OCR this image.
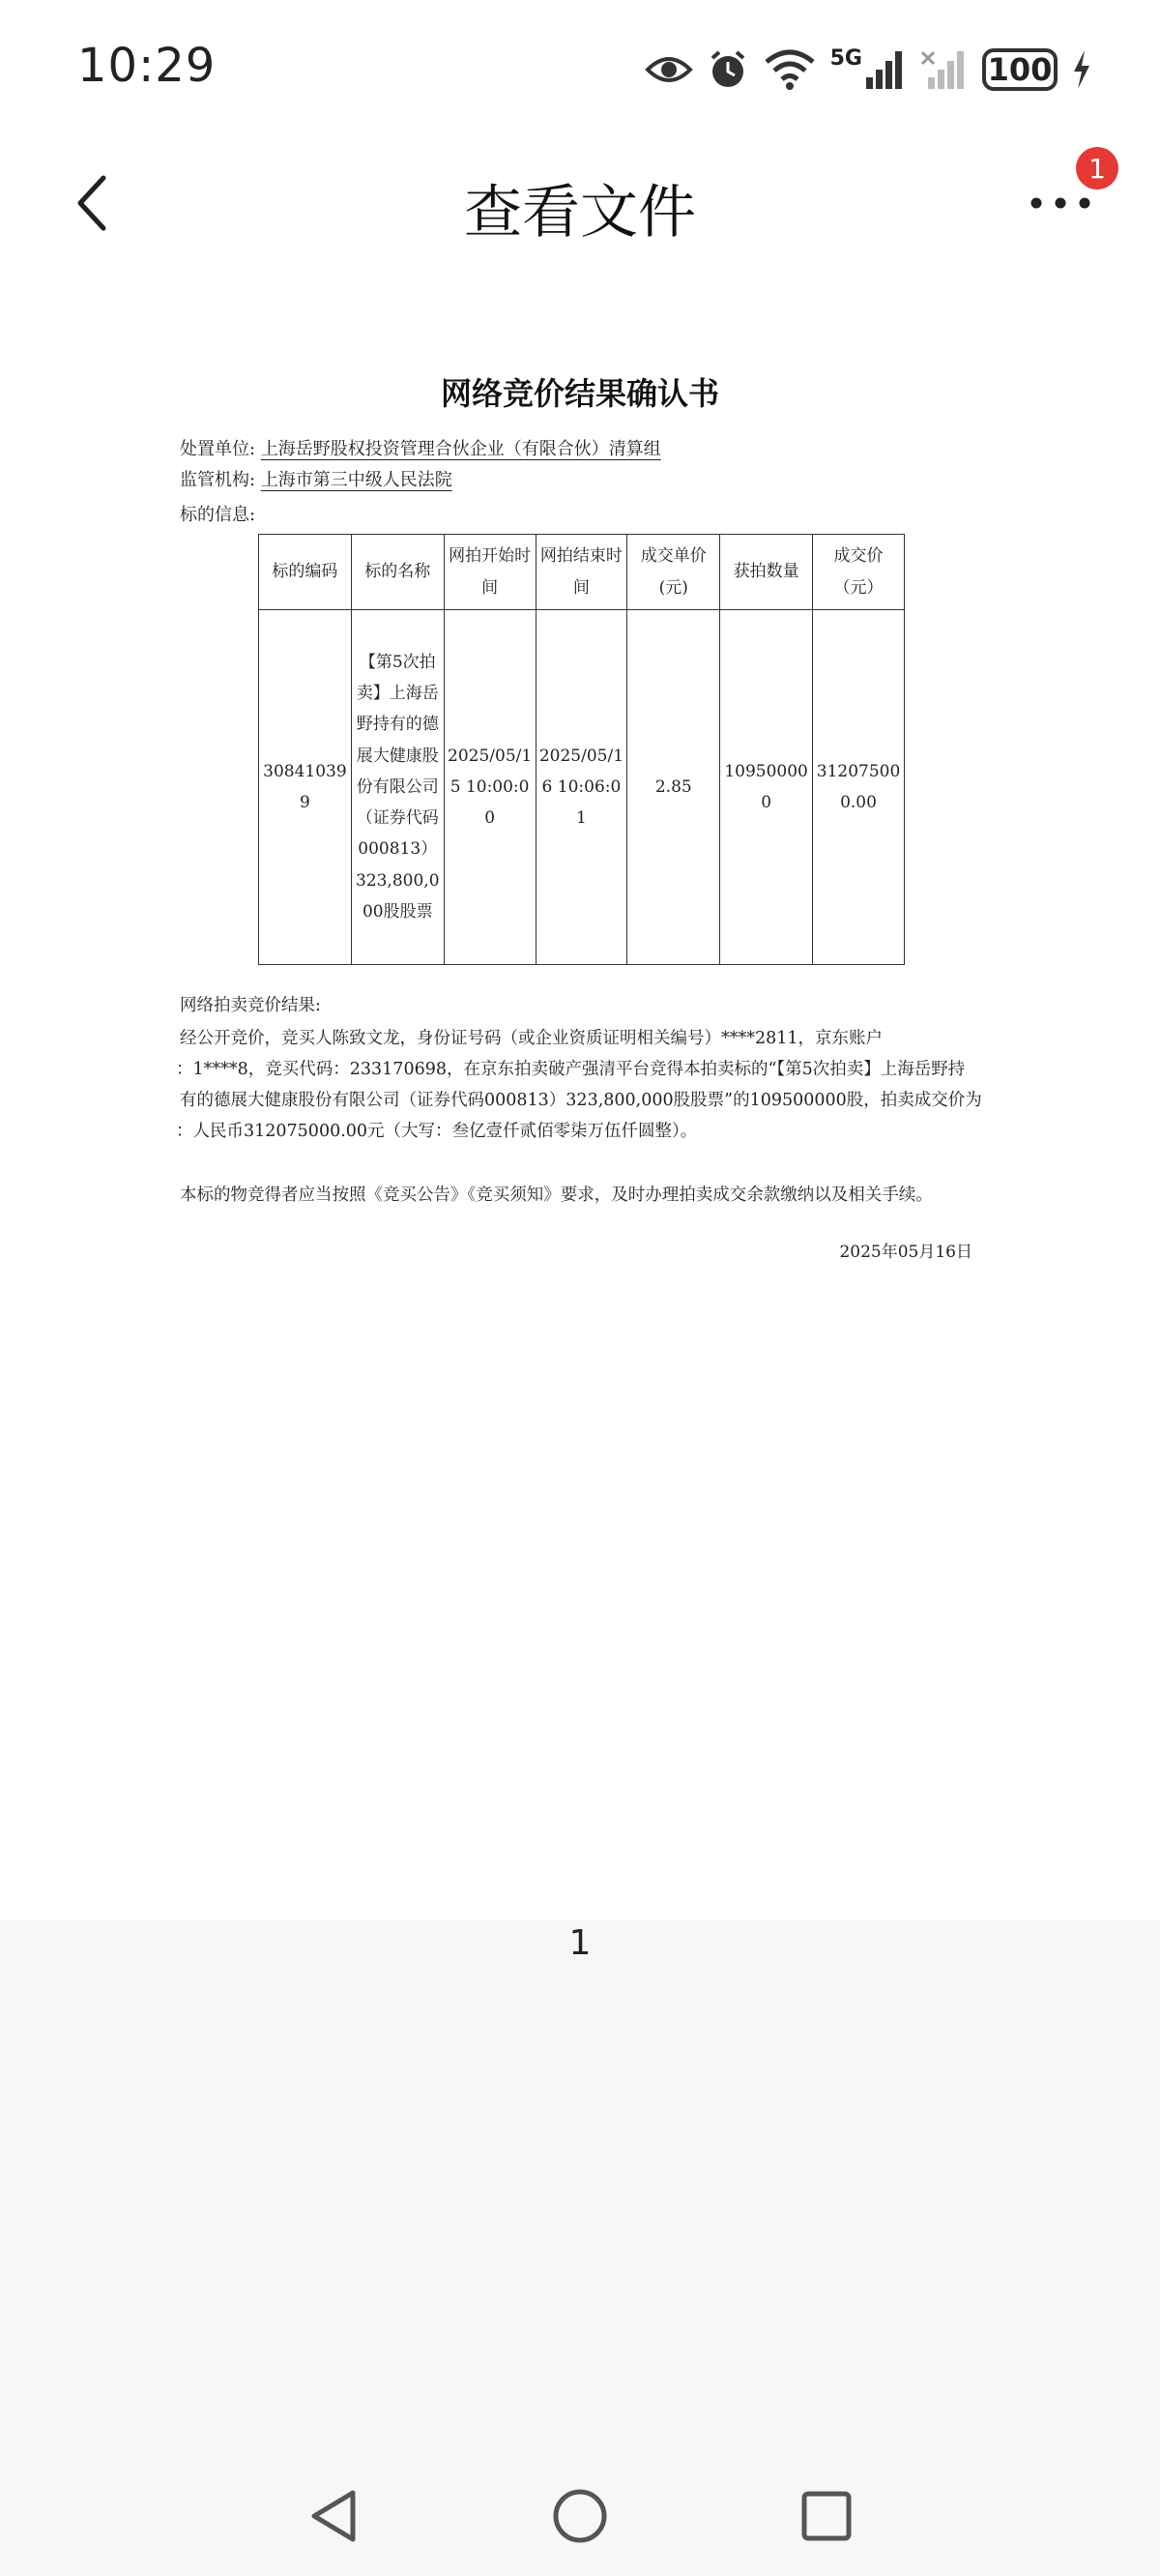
10:29	5G	100
查看文件
1
网络竞价结果确认书
处置单位: 上海岳野股权投资管理合伙企业（有限合伙）清算组
监管机构: 上海市第三中级人民法院
标的信息:
标的编码	标的名称	网拍开始时间	网拍结束时间	成交单价(元)	获拍数量	成交价（元）
308410399	【第5次拍卖】上海岳野持有的德展大健康股份有限公司（证券代码000813）323,800,000股股票	2025/05/15 10:00:00	2025/05/16 10:06:01	2.85	109500000	312075000.00
网络拍卖竞价结果:
经公开竞价，竞买人陈致文龙，身份证号码（或企业资质证明相关编号）****2811，京东账户
：1****8，竞买代码：233170698，在京东拍卖破产强清平台竞得本拍卖标的“【第5次拍卖】上海岳野持
有的德展大健康股份有限公司（证券代码000813）323,800,000股股票”的109500000股，拍卖成交价为
：人民币312075000.00元（大写：叁亿壹仟贰佰零柒万伍仟圆整）。
本标的物竞得者应当按照《竞买公告》《竞买须知》要求，及时办理拍卖成交余款缴纳以及相关手续。
2025年05月16日
1
